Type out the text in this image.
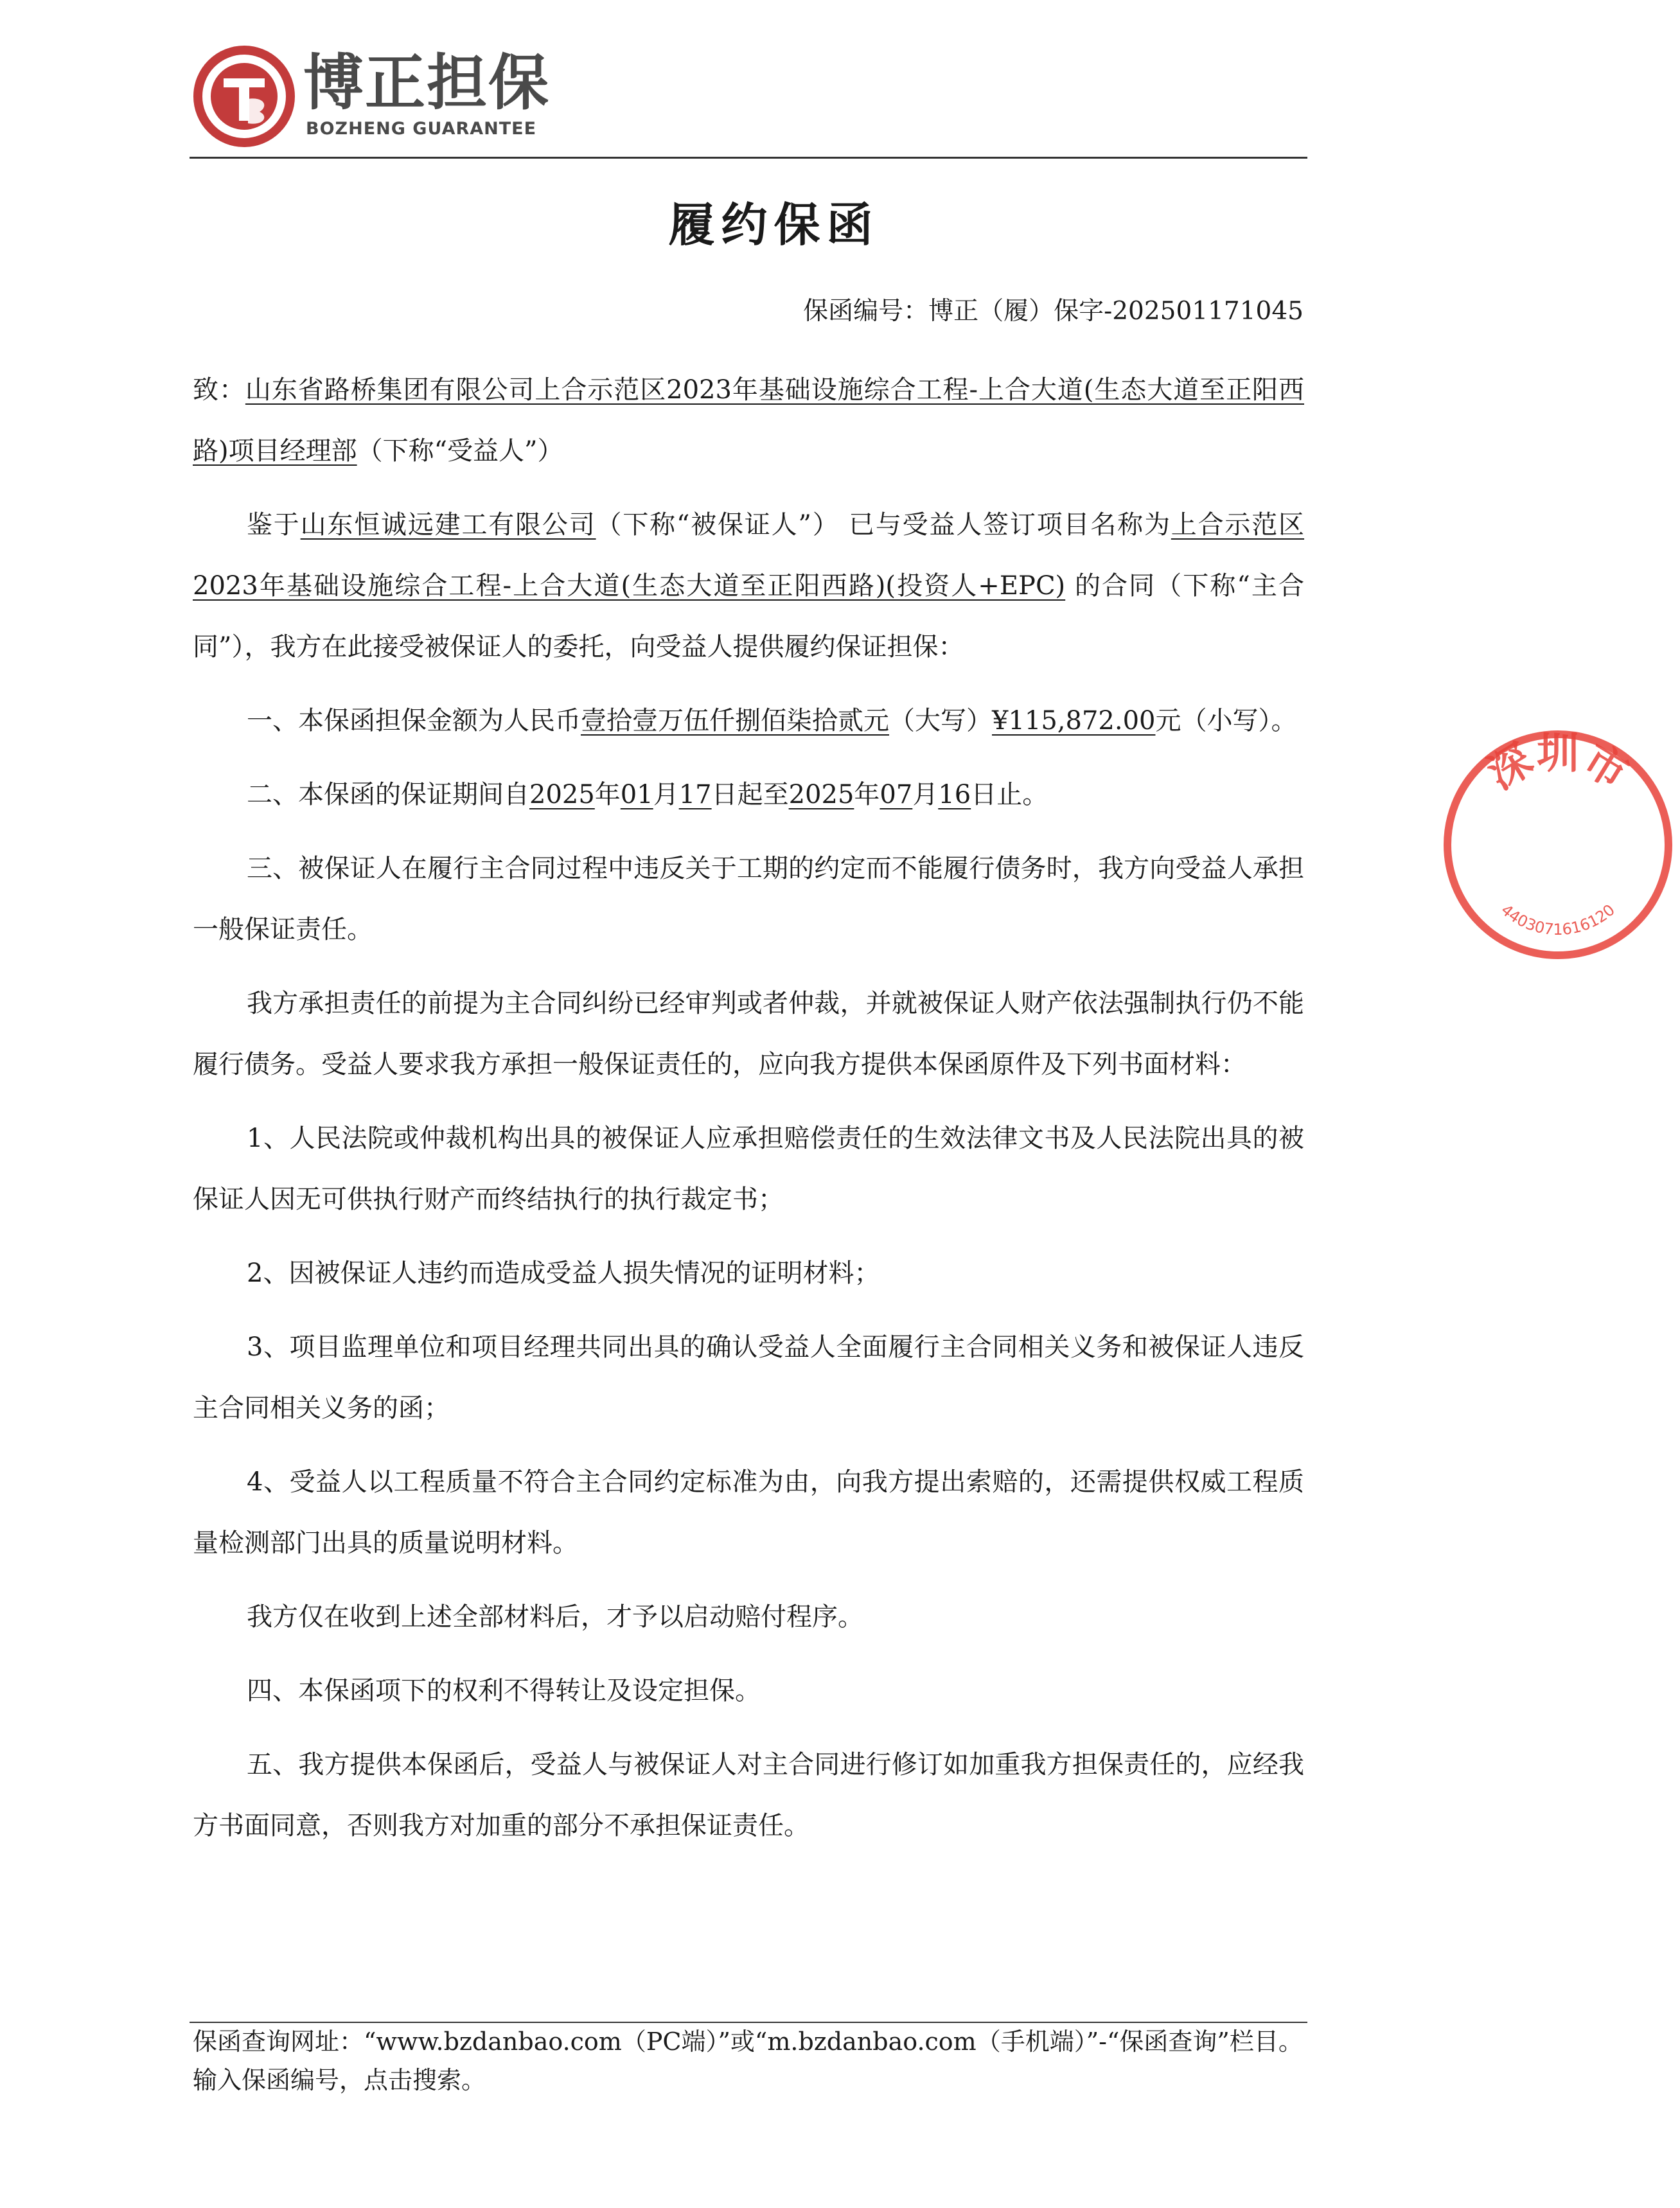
博正担保
BOZHENG GUARANTEE
履约保函
保函编号：博正（履）保字-202501171045

致：山东省路桥集团有限公司上合示范区2023年基础设施综合工程-上合大道(生态大道至正阳西路)项目经理部（下称“受益人”）

鉴于山东恒诚远建工有限公司（下称“被保证人”） 已与受益人签订项目名称为上合示范区2023年基础设施综合工程-上合大道(生态大道至正阳西路)(投资人+EPC) 的合同（下称“主合同”），我方在此接受被保证人的委托，向受益人提供履约保证担保：

一、本保函担保金额为人民币壹拾壹万伍仟捌佰柒拾贰元（大写）¥115,872.00元（小写）。

二、本保函的保证期间自2025年01月17日起至2025年07月16日止。

三、被保证人在履行主合同过程中违反关于工期的约定而不能履行债务时，我方向受益人承担一般保证责任。

我方承担责任的前提为主合同纠纷已经审判或者仲裁，并就被保证人财产依法强制执行仍不能履行债务。受益人要求我方承担一般保证责任的，应向我方提供本保函原件及下列书面材料：

1、人民法院或仲裁机构出具的被保证人应承担赔偿责任的生效法律文书及人民法院出具的被保证人因无可供执行财产而终结执行的执行裁定书；

2、因被保证人违约而造成受益人损失情况的证明材料；

3、项目监理单位和项目经理共同出具的确认受益人全面履行主合同相关义务和被保证人违反主合同相关义务的函；

4、受益人以工程质量不符合主合同约定标准为由，向我方提出索赔的，还需提供权威工程质量检测部门出具的质量说明材料。

我方仅在收到上述全部材料后，才予以启动赔付程序。

四、本保函项下的权利不得转让及设定担保。

五、我方提供本保函后，受益人与被保证人对主合同进行修订如加重我方担保责任的，应经我方书面同意，否则我方对加重的部分不承担保证责任。

保函查询网址：“www.bzdanbao.com（PC端）”或“m.bzdanbao.com（手机端）”-“保函查询”栏目。输入保函编号，点击搜索。
深圳市
4403071616120
